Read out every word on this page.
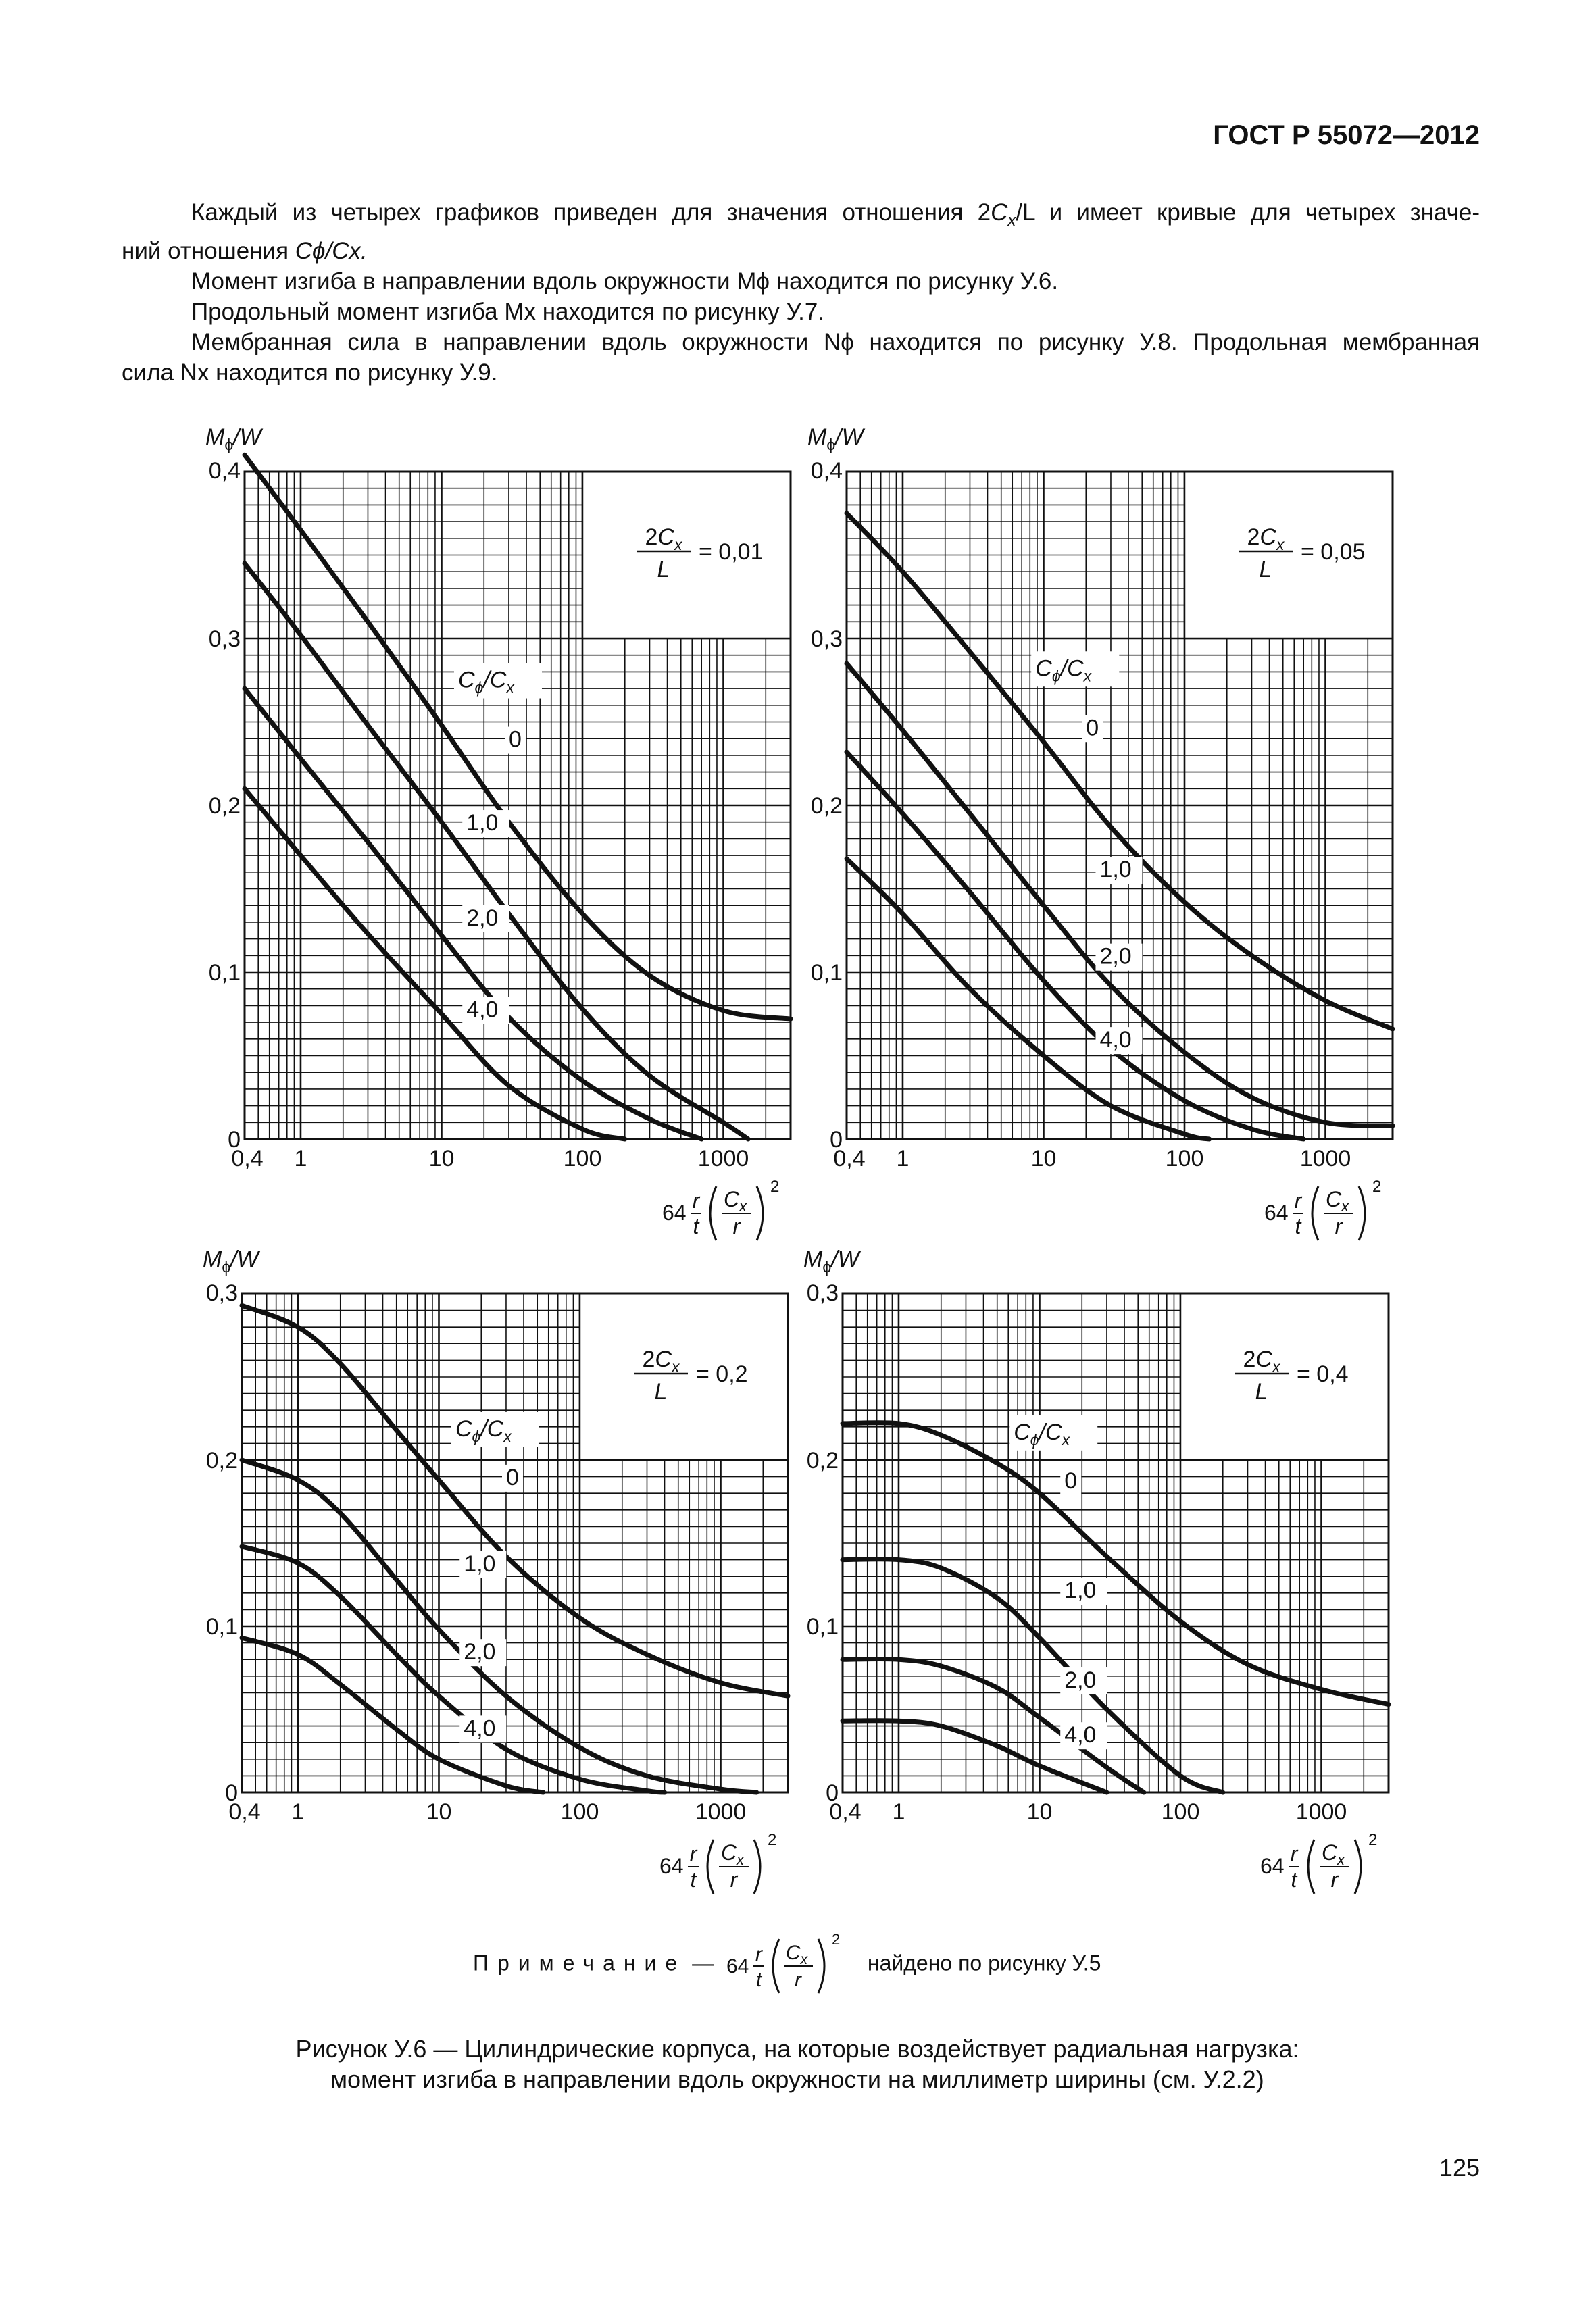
ГОСТ Р 55072—2012

Каждый из четырех графиков приведен для значения отношения $2C_x/L$ и имеет кривые для четырех значе-

ний отношения Cϕ/Cx.

Момент изгиба в направлении вдоль окружности Mϕ находится по рисунку У.6.

Продольный момент изгиба Mx находится по рисунку У.7.

Мембранная сила в направлении вдоль окружности Nϕ находится по рисунку У.8. Продольная мембранная

сила Nx находится по рисунку У.9.

0
1,0
2,0
4,0
$C_\phi/C_x$
$2C_x$
L
= 0,01
0
0,1
0,2
0,3
0,4
$M_\phi/W$
0,4 1	10	100	1000
64 r
t
$C_x$
r
2
0
1,0
2,0
4,0
$C_\phi/C_x$
$2C_x$
L
= 0,05
0
0,1
0,2
0,3
0,4
$M_\phi/W$
0,4 1	10	100	1000
64 r
t
$C_x$
r
2
0
1,0
2,0
4,0
$C_\phi/C_x$
$2C_x$
L
= 0,2
0
0,1
0,2
0,3
$M_\phi/W$
0,4 1	10	100	1000
64 r
t
$C_x$
r
2
0
1,0
2,0
4,0
$C_\phi/C_x$
$2C_x$
L
= 0,4
0
0,1
0,2
0,3
$M_\phi/W$
0,4 1	10	100	1000
64 r
t
$C_x$
r
2
Примечание — 64
r
t
$C_x$
r
2
найдено по рисунку У.5
Рисунок У.6 — Цилиндрические корпуса, на которые воздействует радиальная нагрузка:
момент изгиба в направлении вдоль окружности на миллиметр ширины (см. У.2.2)
125
